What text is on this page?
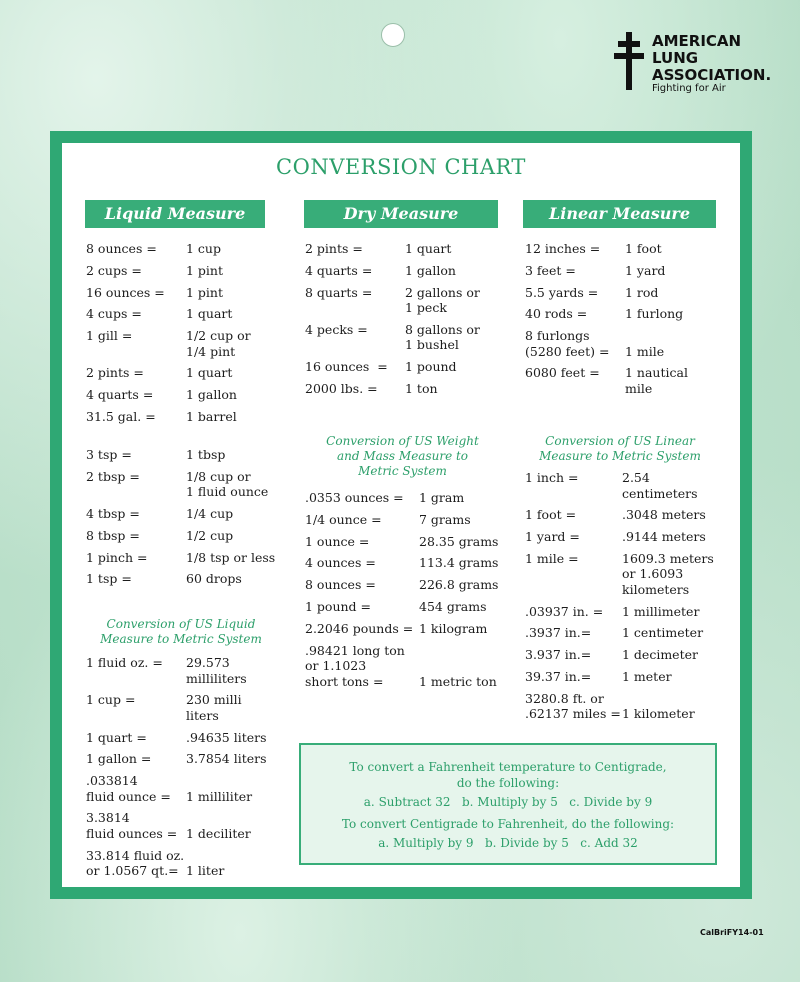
AMERICAN
LUNG
ASSOCIATION.
Fighting for Air
CONVERSION CHART
Liquid Measure	Dry Measure	Linear Measure
8 ounces = 1 cup
2 cups =	1 pint
16 ounces = 1 pint
4 cups =	1 quart
1 gill =	1/2 cup or
1/4 pint
2 pints =	1 quart
4 quarts =	1 gallon
31.5 gal. = 1 barrel
3 tsp =	1 tbsp
2 tbsp =	1/8 cup or
1 fluid ounce
4 tbsp =	1/4 cup
8 tbsp =	1/2 cup
1 pinch =	1/8 tsp or less
1 tsp =	60 drops
Conversion of US Liquid
Measure to Metric System
1 fluid oz. = 29.573
milliliters
1 cup =	230 milli
liters
1 quart =	.94635 liters
1 gallon =	3.7854 liters
.033814
fluid ounce =
1 milliliter
3.3814
fluid ounces =
1 deciliter
33.814 fluid oz.
or 1.0567 qt.=
1 liter
2 pints =	1 quart
4 quarts =	1 gallon
8 quarts =	2 gallons or
1 peck
4 pecks =	8 gallons or
1 bushel
16 ounces  = 1 pound
2000 lbs. = 1 ton
Conversion of US Weight
and Mass Measure to
Metric System
.0353 ounces = 1 gram
1/4 ounce =	7 grams
1 ounce =	28.35 grams
4 ounces =	113.4 grams
8 ounces =	226.8 grams
1 pound =	454 grams
2.2046 pounds = 1 kilogram
.98421 long ton
or 1.1023
short tons =	

1 metric ton
12 inches = 1 foot
3 feet =	1 yard
5.5 yards = 1 rod
40 rods =	1 furlong
8 furlongs
(5280 feet) =
1 mile
6080 feet = 1 nautical
mile
Conversion of US Linear
Measure to Metric System
1 inch =	2.54
centimeters
1 foot =	.3048 meters
1 yard =	.9144 meters
1 mile =	1609.3 meters
or 1.6093
kilometers
.03937 in. = 1 millimeter
.3937 in.= 1 centimeter
3.937 in.= 1 decimeter
39.37 in.= 1 meter
3280.8 ft. or
.62137 miles =
1 kilometer
To convert a Fahrenheit temperature to Centigrade,
do the following:
a. Subtract 32   b. Multiply by 5   c. Divide by 9
To convert Centigrade to Fahrenheit, do the following:
a. Multiply by 9   b. Divide by 5   c. Add 32
CalBriFY14-01
